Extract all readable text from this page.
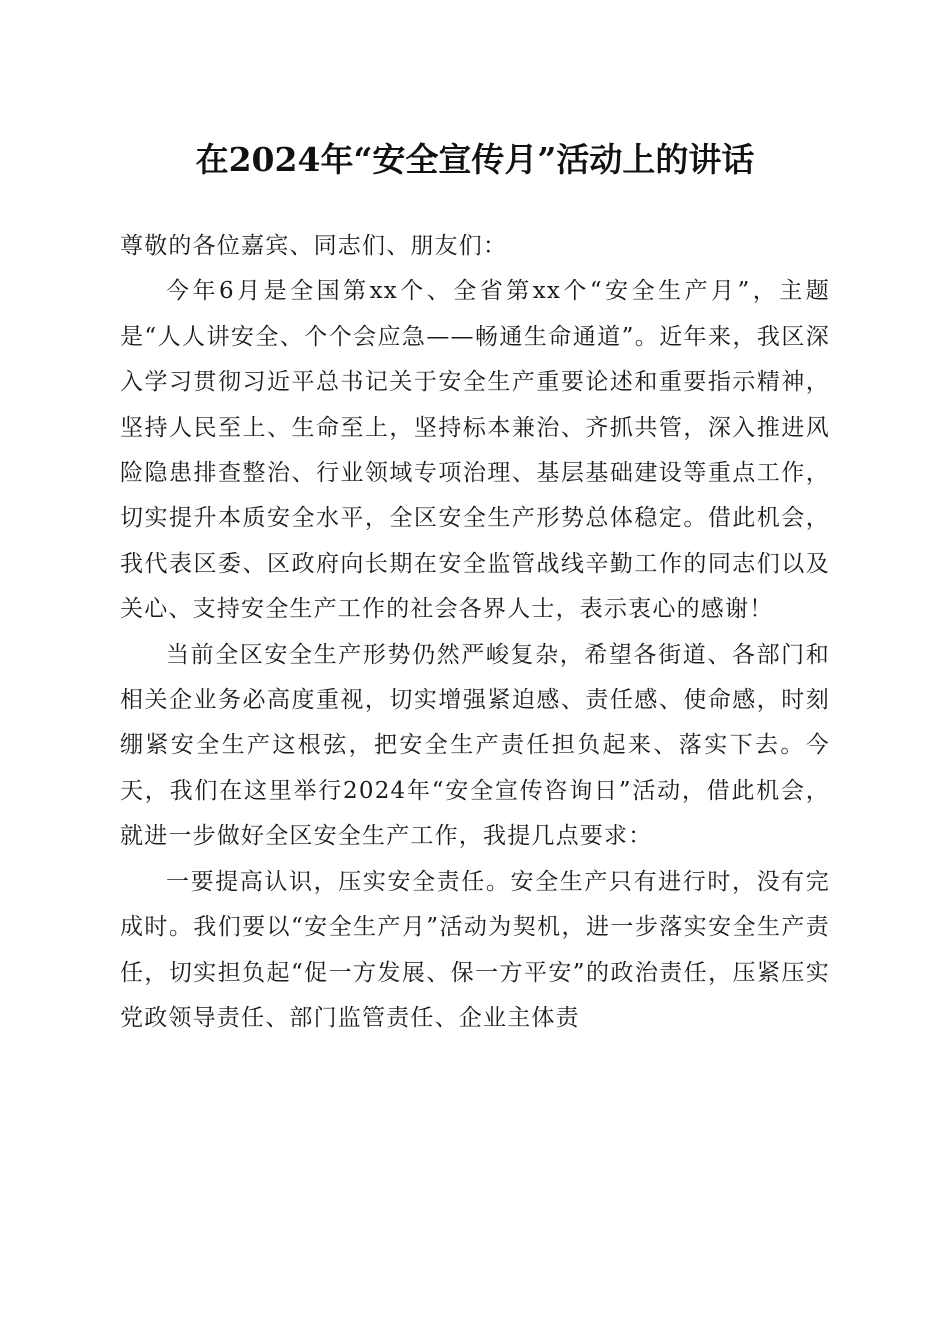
在2024年“安全宣传月”活动上的讲话

尊敬的各位嘉宾、同志们、朋友们：

今年6月是全国第xx个、全省第xx个“安全生产月”，主题是“人人讲安全、个个会应急——畅通生命通道”。近年来，我区深入学习贯彻习近平总书记关于安全生产重要论述和重要指示精神，坚持人民至上、生命至上，坚持标本兼治、齐抓共管，深入推进风险隐患排查整治、行业领域专项治理、基层基础建设等重点工作，切实提升本质安全水平，全区安全生产形势总体稳定。借此机会，我代表区委、区政府向长期在安全监管战线辛勤工作的同志们以及关心、支持安全生产工作的社会各界人士，表示衷心的感谢！

当前全区安全生产形势仍然严峻复杂，希望各街道、各部门和相关企业务必高度重视，切实增强紧迫感、责任感、使命感，时刻绷紧安全生产这根弦，把安全生产责任担负起来、落实下去。今天，我们在这里举行2024年“安全宣传咨询日”活动，借此机会，就进一步做好全区安全生产工作，我提几点要求：

一要提高认识，压实安全责任。安全生产只有进行时，没有完成时。我们要以“安全生产月”活动为契机，进一步落实安全生产责任，切实担负起“促一方发展、保一方平安”的政治责任，压紧压实党政领导责任、部门监管责任、企业主体责
